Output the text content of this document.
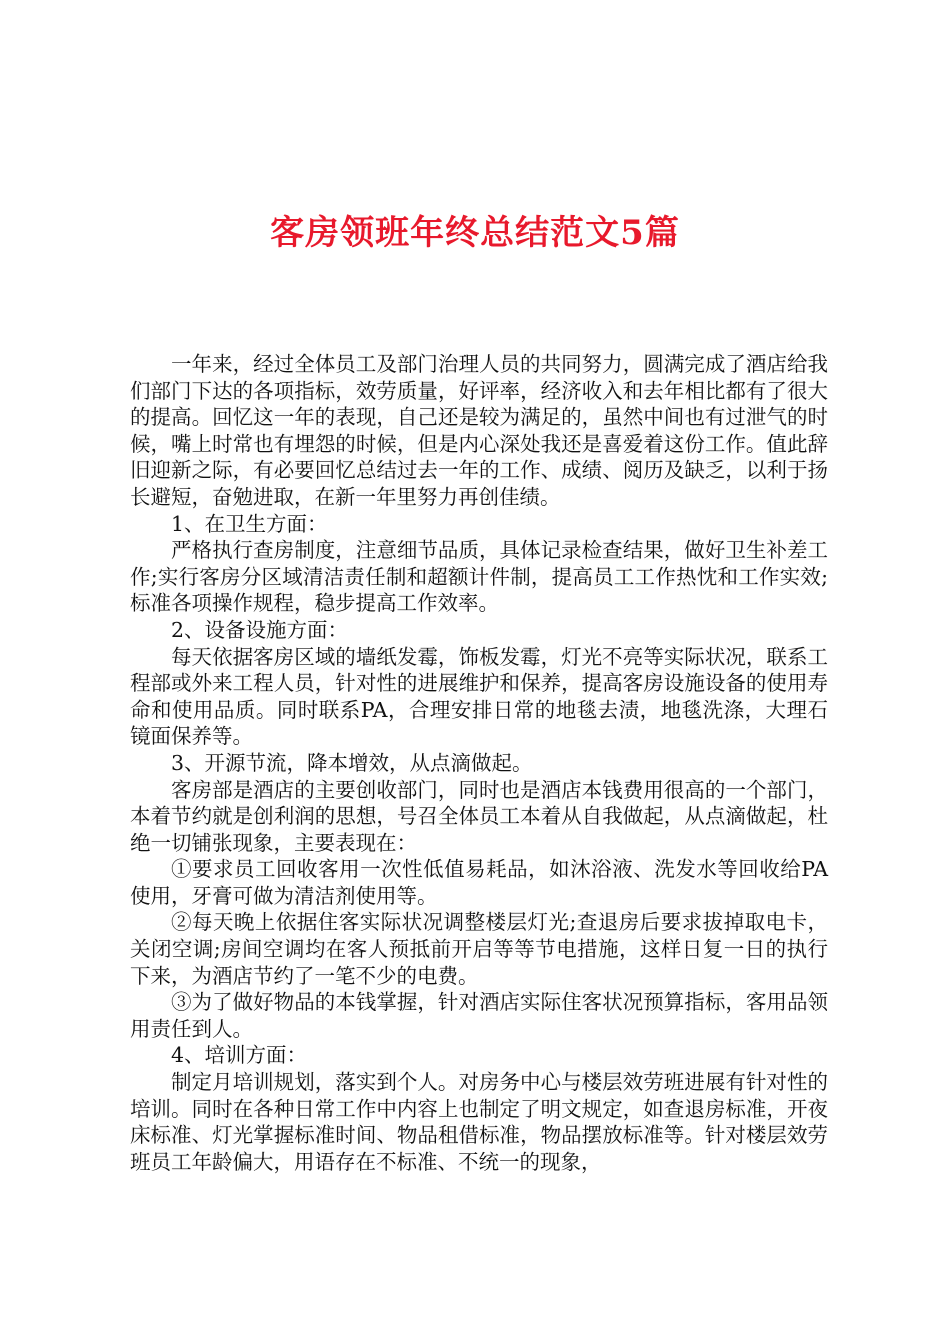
客房领班年终总结范文5篇

一年来，经过全体员工及部门治理人员的共同努力，圆满完成了酒店给我们部门下达的各项指标，效劳质量，好评率，经济收入和去年相比都有了很大的提高。回忆这一年的表现，自己还是较为满足的，虽然中间也有过泄气的时候，嘴上时常也有埋怨的时候，但是内心深处我还是喜爱着这份工作。值此辞旧迎新之际，有必要回忆总结过去一年的工作、成绩、阅历及缺乏，以利于扬长避短，奋勉进取，在新一年里努力再创佳绩。

1、在卫生方面：

严格执行查房制度，注意细节品质，具体记录检查结果，做好卫生补差工作;实行客房分区域清洁责任制和超额计件制，提高员工工作热忱和工作实效;标准各项操作规程，稳步提高工作效率。

2、设备设施方面：

每天依据客房区域的墙纸发霉，饰板发霉，灯光不亮等实际状况，联系工程部或外来工程人员，针对性的进展维护和保养，提高客房设施设备的使用寿命和使用品质。同时联系PA，合理安排日常的地毯去渍，地毯洗涤，大理石镜面保养等。

3、开源节流，降本增效，从点滴做起。

客房部是酒店的主要创收部门，同时也是酒店本钱费用很高的一个部门，本着节约就是创利润的思想，号召全体员工本着从自我做起，从点滴做起，杜绝一切铺张现象，主要表现在：

①要求员工回收客用一次性低值易耗品，如沐浴液、洗发水等回收给PA使用，牙膏可做为清洁剂使用等。

②每天晚上依据住客实际状况调整楼层灯光;查退房后要求拔掉取电卡，关闭空调;房间空调均在客人预抵前开启等等节电措施，这样日复一日的执行下来，为酒店节约了一笔不少的电费。

③为了做好物品的本钱掌握，针对酒店实际住客状况预算指标，客用品领用责任到人。

4、培训方面：

制定月培训规划，落实到个人。对房务中心与楼层效劳班进展有针对性的培训。同时在各种日常工作中内容上也制定了明文规定，如查退房标准，开夜床标准、灯光掌握标准时间、物品租借标准，物品摆放标准等。针对楼层效劳班员工年龄偏大，用语存在不标准、不统一的现象，
